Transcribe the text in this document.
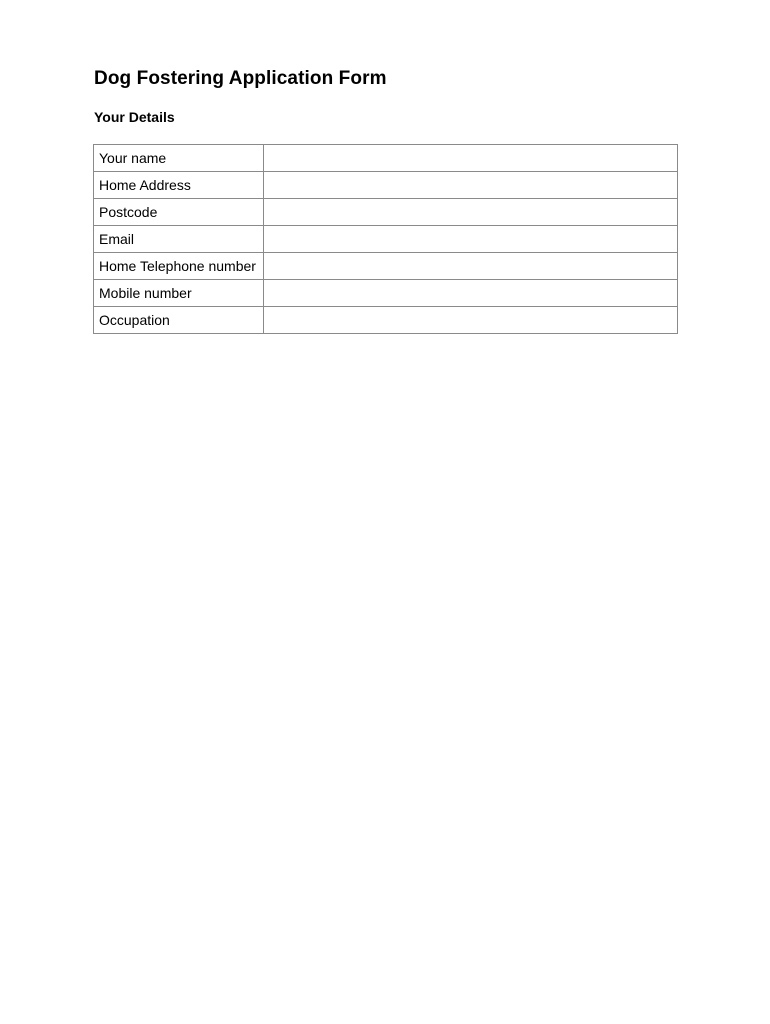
Dog Fostering Application Form
Your Details
Your name	
Home Address	
Postcode	
Email	
Home Telephone number	
Mobile number	
Occupation	
